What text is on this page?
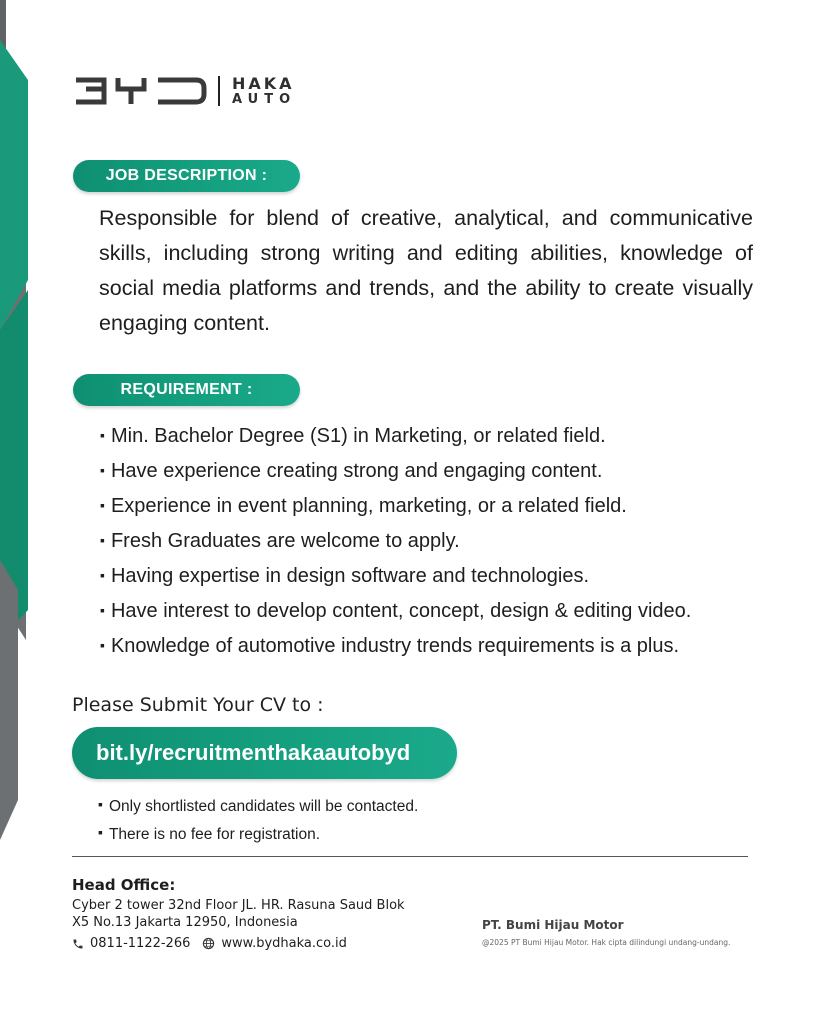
HAKA
AUTO
JOB DESCRIPTION :

Responsible for blend of creative, analytical, and communicative skills, including strong writing and editing abilities, knowledge of social media platforms and trends, and the ability to create visually engaging content.

REQUIREMENT :
▪ Min. Bachelor Degree (S1) in Marketing, or related field.
▪ Have experience creating strong and engaging content.
▪ Experience in event planning, marketing, or a related field.
▪ Fresh Graduates are welcome to apply.
▪ Having expertise in design software and technologies.
▪ Have interest to develop content, concept, design & editing video.
▪ Knowledge of automotive industry trends requirements is a plus.
Please Submit Your CV to :
bit.ly/recruitmenthakaautobyd
▪ Only shortlisted candidates will be contacted.
▪ There is no fee for registration.
Head Office:
Cyber 2 tower 32nd Floor JL. HR. Rasuna Saud Blok
X5 No.13 Jakarta 12950, Indonesia
0811-1122-266 www.bydhaka.co.id
PT. Bumi Hijau Motor
@2025 PT Bumi Hijau Motor. Hak cipta dilindungi undang-undang.
